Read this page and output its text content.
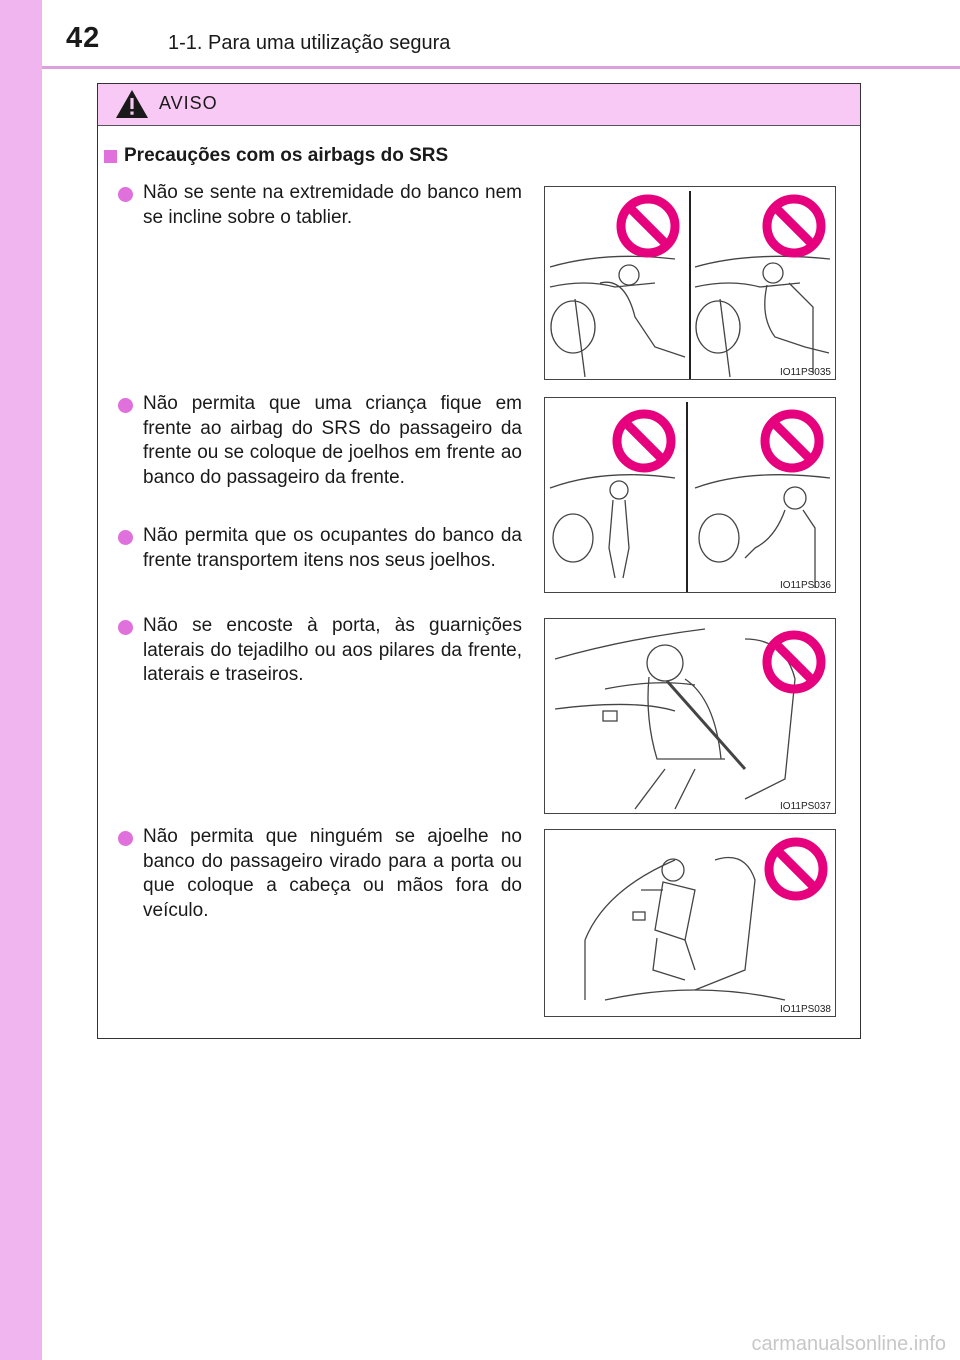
42	1-1. Para uma utilização segura
AVISO
Precauções com os airbags do SRS
Não se sente na extremidade do banco nem se incline sobre o tablier.
Não permita que uma criança fique em frente ao airbag do SRS do passageiro da frente ou se coloque de joelhos em frente ao banco do passageiro da frente.
Não permita que os ocupantes do banco da frente transportem itens nos seus joelhos.
Não se encoste à porta, às guarnições laterais do tejadilho ou aos pilares da frente, laterais e traseiros.
Não permita que ninguém se ajoelhe no banco do passageiro virado para a porta ou que coloque a cabeça ou mãos fora do veículo.
IO11PS035
IO11PS036
IO11PS037
IO11PS038
carmanualsonline.info
